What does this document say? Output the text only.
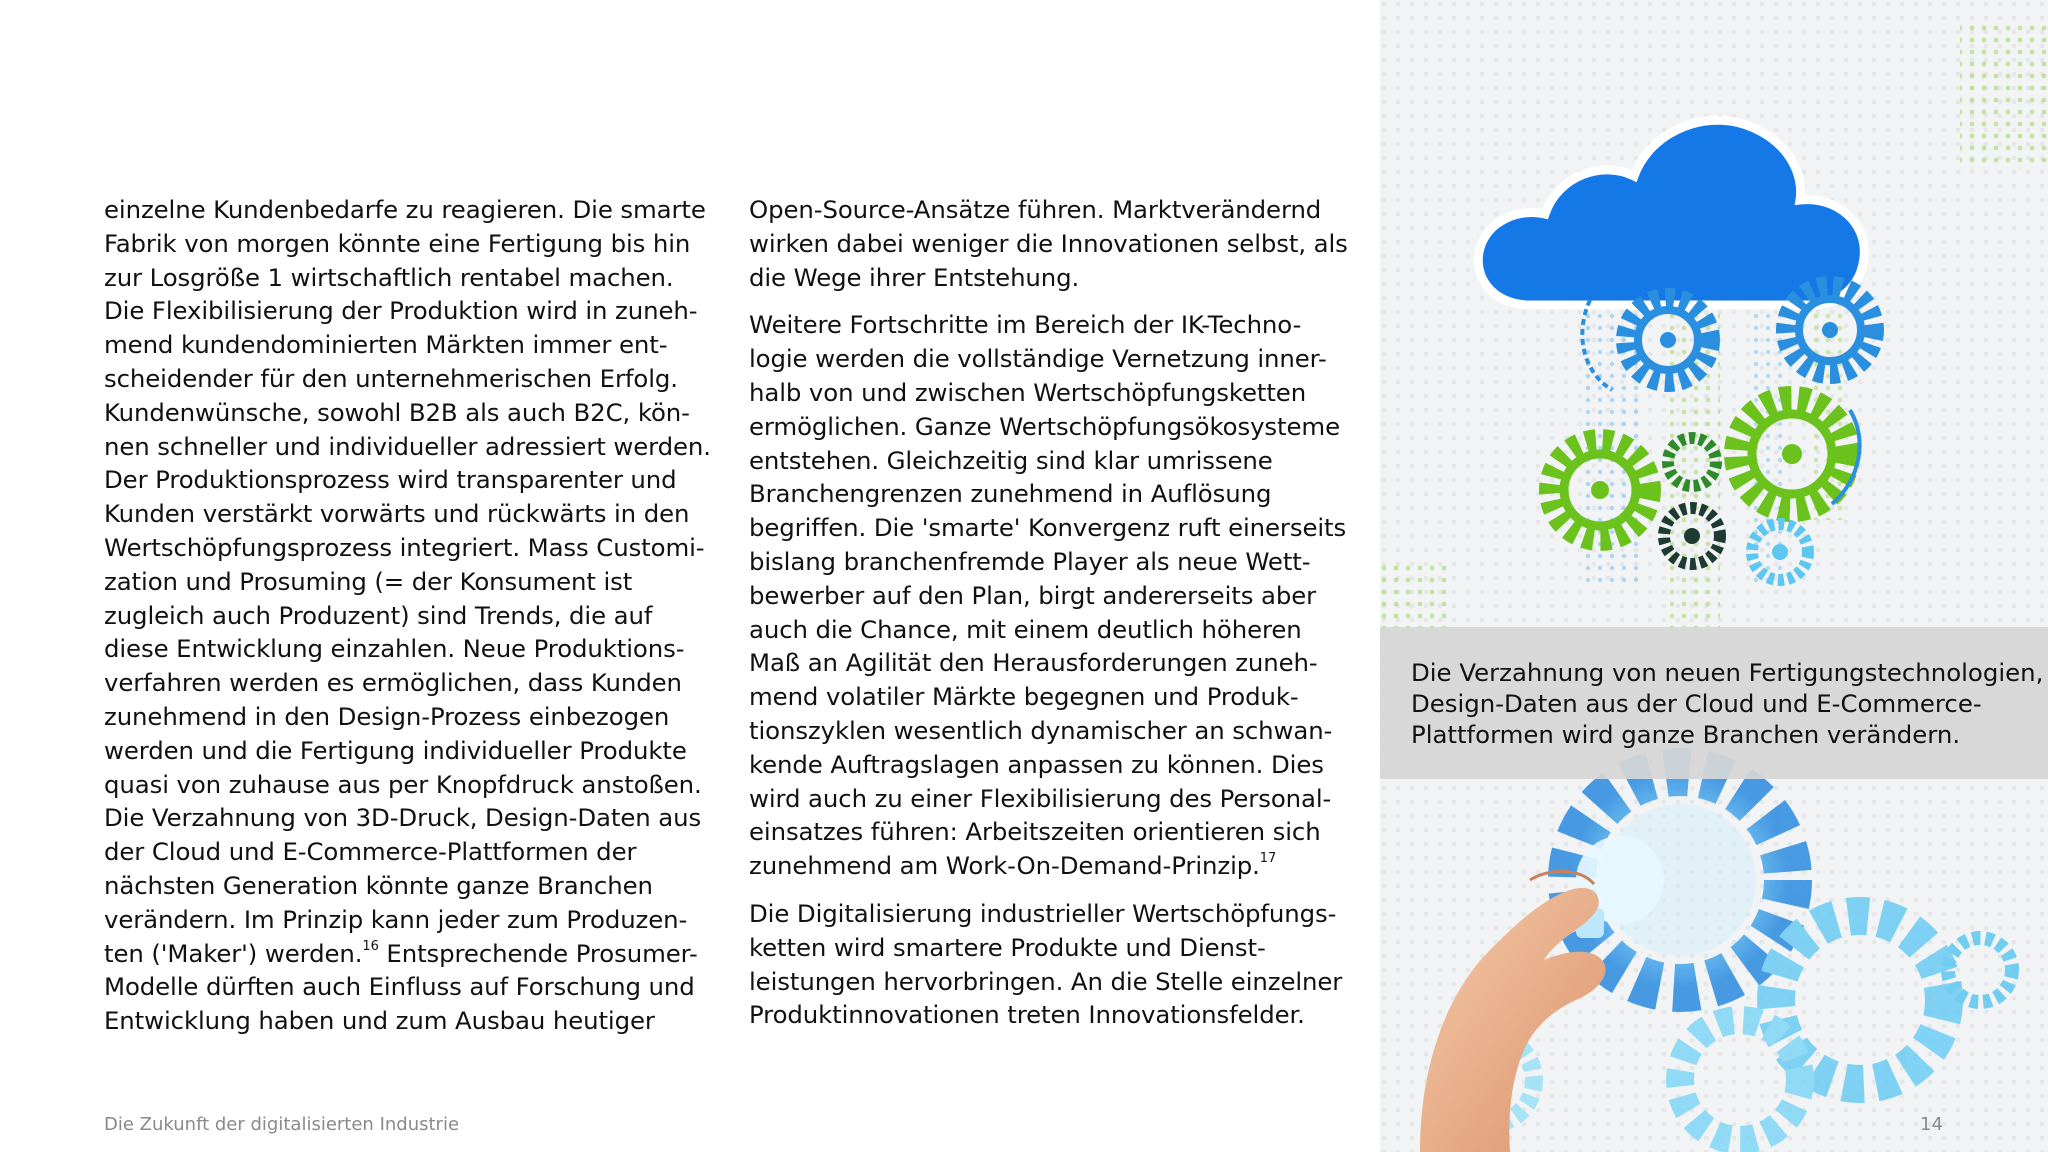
einzelne Kundenbedarfe zu reagieren. Die smarte
Fabrik von morgen könnte eine Fertigung bis hin
zur Losgröße 1 wirtschaftlich rentabel machen.
Die Flexibilisierung der Produktion wird in zuneh-
mend kundendominierten Märkten immer ent-
scheidender für den unternehmerischen Erfolg.
Kundenwünsche, sowohl B2B als auch B2C, kön-
nen schneller und individueller adressiert werden.
Der Produktionsprozess wird transparenter und
Kunden verstärkt vorwärts und rückwärts in den
Wertschöpfungsprozess integriert. Mass Customi-
zation und Prosuming (= der Konsument ist
zugleich auch Produzent) sind Trends, die auf
diese Entwicklung einzahlen. Neue Produktions-
verfahren werden es ermöglichen, dass Kunden
zunehmend in den Design-Prozess einbezogen
werden und die Fertigung individueller Produkte
quasi von zuhause aus per Knopfdruck anstoßen.
Die Verzahnung von 3D-Druck, Design-Daten aus
der Cloud und E-Commerce-Plattformen der
nächsten Generation könnte ganze Branchen
verändern. Im Prinzip kann jeder zum Produzen-
ten ('Maker') werden.$^{16}$ Entsprechende Prosumer-
Modelle dürften auch Einfluss auf Forschung und
Entwicklung haben und zum Ausbau heutiger

Open-Source-Ansätze führen. Marktverändernd
wirken dabei weniger die Innovationen selbst, als
die Wege ihrer Entstehung.

Weitere Fortschritte im Bereich der IK-Techno-
logie werden die vollständige Vernetzung inner-
halb von und zwischen Wertschöpfungsketten
ermöglichen. Ganze Wertschöpfungsökosysteme
entstehen. Gleichzeitig sind klar umrissene
Branchengrenzen zunehmend in Auflösung
begriffen. Die 'smarte' Konvergenz ruft einerseits
bislang branchenfremde Player als neue Wett-
bewerber auf den Plan, birgt andererseits aber
auch die Chance, mit einem deutlich höheren
Maß an Agilität den Herausforderungen zuneh-
mend volatiler Märkte begegnen und Produk-
tionszyklen wesentlich dynamischer an schwan-
kende Auftragslagen anpassen zu können. Dies
wird auch zu einer Flexibilisierung des Personal-
einsatzes führen: Arbeitszeiten orientieren sich
zunehmend am Work-On-Demand-Prinzip.$^{17}$

Die Digitalisierung industrieller Wertschöpfungs-
ketten wird smartere Produkte und Dienst-
leistungen hervorbringen. An die Stelle einzelner
Produktinnovationen treten Innovationsfelder.

Die Verzahnung von neuen Fertigungstechnologien,
Design-Daten aus der Cloud und E-Commerce-
Plattformen wird ganze Branchen verändern.
Die Zukunft der digitalisierten Industrie	14
